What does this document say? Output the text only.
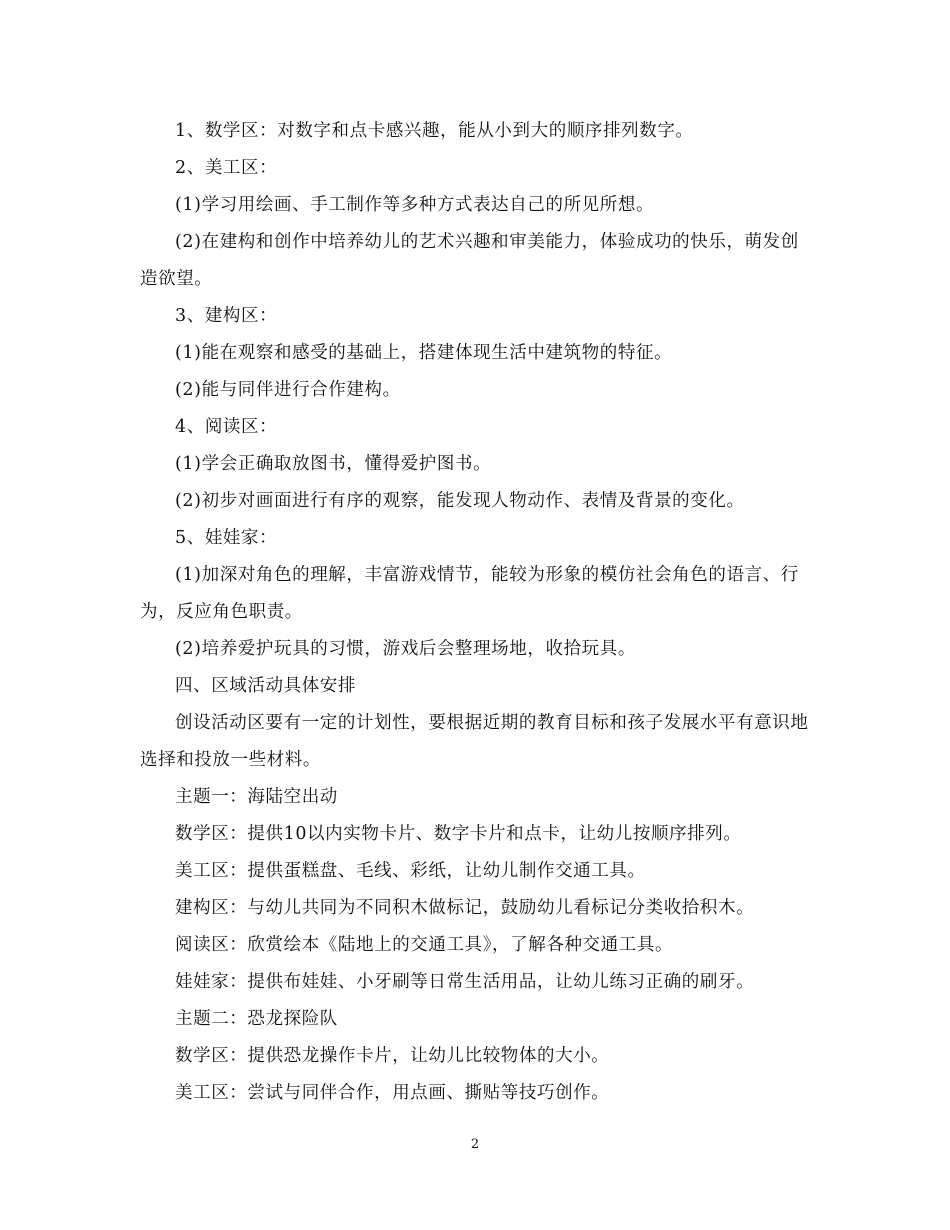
1、数学区：对数字和点卡感兴趣，能从小到大的顺序排列数字。

2、美工区：

(1)学习用绘画、手工制作等多种方式表达自己的所见所想。

(2)在建构和创作中培养幼儿的艺术兴趣和审美能力，体验成功的快乐，萌发创造欲望。

3、建构区：

(1)能在观察和感受的基础上，搭建体现生活中建筑物的特征。

(2)能与同伴进行合作建构。

4、阅读区：

(1)学会正确取放图书，懂得爱护图书。

(2)初步对画面进行有序的观察，能发现人物动作、表情及背景的变化。

5、娃娃家：

(1)加深对角色的理解，丰富游戏情节，能较为形象的模仿社会角色的语言、行为，反应角色职责。

(2)培养爱护玩具的习惯，游戏后会整理场地，收拾玩具。

四、区域活动具体安排

创设活动区要有一定的计划性，要根据近期的教育目标和孩子发展水平有意识地选择和投放一些材料。

主题一：海陆空出动

数学区：提供10以内实物卡片、数字卡片和点卡，让幼儿按顺序排列。

美工区：提供蛋糕盘、毛线、彩纸，让幼儿制作交通工具。

建构区：与幼儿共同为不同积木做标记，鼓励幼儿看标记分类收拾积木。

阅读区：欣赏绘本《陆地上的交通工具》，了解各种交通工具。

娃娃家：提供布娃娃、小牙刷等日常生活用品，让幼儿练习正确的刷牙。

主题二：恐龙探险队

数学区：提供恐龙操作卡片，让幼儿比较物体的大小。

美工区：尝试与同伴合作，用点画、撕贴等技巧创作。

2
